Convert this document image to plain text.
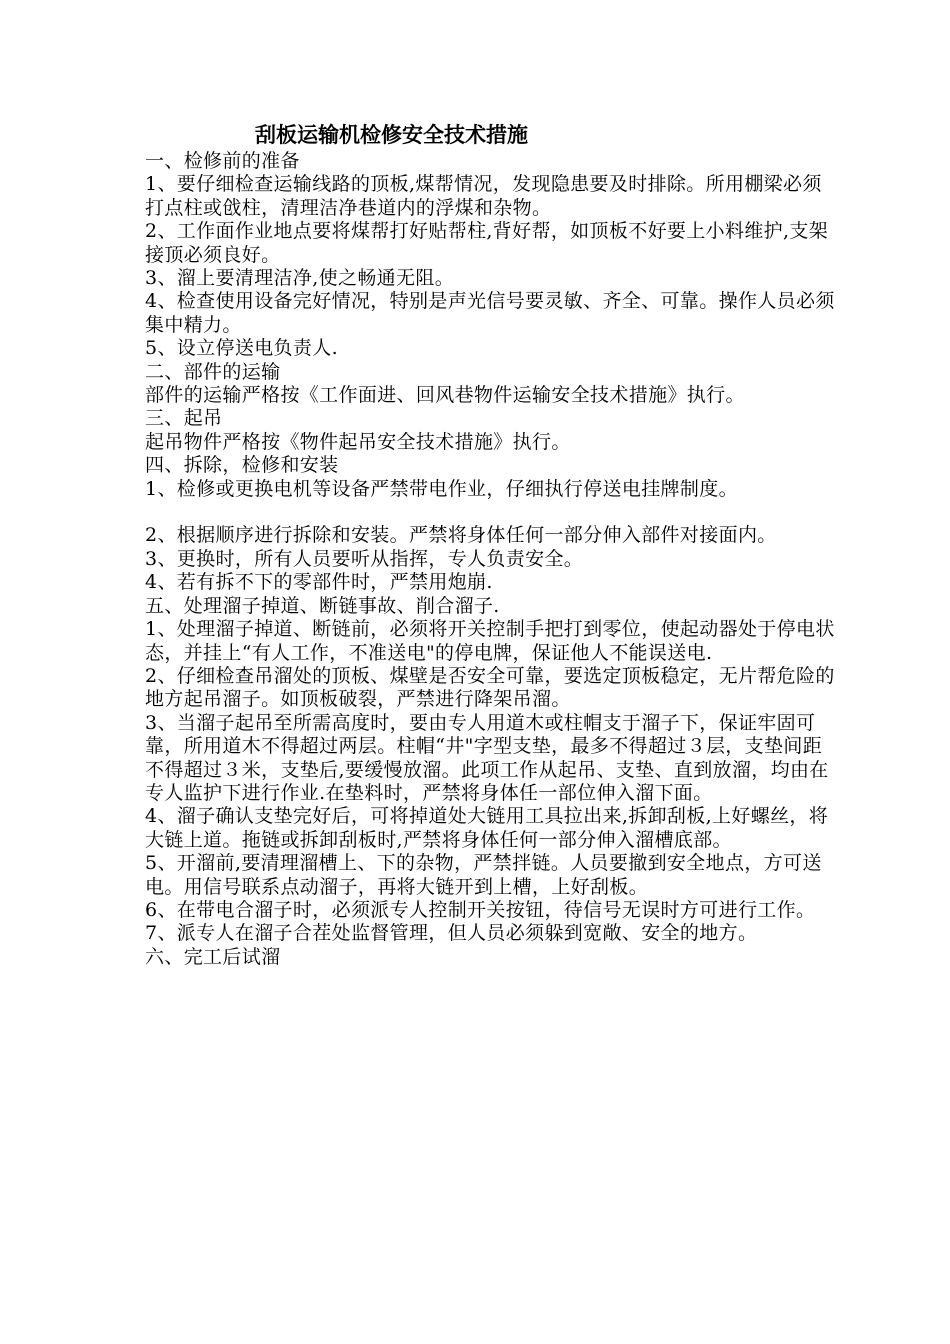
刮板运输机检修安全技术措施

一、检修前的准备

1、要仔细检查运输线路的顶板,煤帮情况，发现隐患要及时排除。所用棚梁必须打点柱或戗柱，清理洁净巷道内的浮煤和杂物。

2、工作面作业地点要将煤帮打好贴帮柱,背好帮，如顶板不好要上小料维护,支架接顶必须良好。

3、溜上要清理洁净,使之畅通无阻。

4、检查使用设备完好情况，特别是声光信号要灵敏、齐全、可靠。操作人员必须集中精力。

5、设立停送电负责人.

二、部件的运输

部件的运输严格按《工作面进、回风巷物件运输安全技术措施》执行。

三、起吊

起吊物件严格按《物件起吊安全技术措施》执行。

四、拆除，检修和安装

1、检修或更换电机等设备严禁带电作业，仔细执行停送电挂牌制度。

2、根据顺序进行拆除和安装。严禁将身体任何一部分伸入部件对接面内。

3、更换时，所有人员要听从指挥，专人负责安全。

4、若有拆不下的零部件时，严禁用炮崩.

五、处理溜子掉道、断链事故、削合溜子.

1、处理溜子掉道、断链前，必须将开关控制手把打到零位，使起动器处于停电状态，并挂上“有人工作，不准送电"的停电牌，保证他人不能误送电.

2、仔细检查吊溜处的顶板、煤壁是否安全可靠，要选定顶板稳定，无片帮危险的地方起吊溜子。如顶板破裂，严禁进行降架吊溜。

3、当溜子起吊至所需高度时，要由专人用道木或柱帽支于溜子下，保证牢固可靠，所用道木不得超过两层。柱帽“井"字型支垫，最多不得超过３层，支垫间距不得超过３米，支垫后,要缓慢放溜。此项工作从起吊、支垫、直到放溜，均由在专人监护下进行作业.在垫料时，严禁将身体任一部位伸入溜下面。

4、溜子确认支垫完好后，可将掉道处大链用工具拉出来,拆卸刮板,上好螺丝，将大链上道。拖链或拆卸刮板时,严禁将身体任何一部分伸入溜槽底部。

5、开溜前,要清理溜槽上、下的杂物，严禁拌链。人员要撤到安全地点，方可送电。用信号联系点动溜子，再将大链开到上槽，上好刮板。

6、在带电合溜子时，必须派专人控制开关按钮，待信号无误时方可进行工作。

7、派专人在溜子合茬处监督管理，但人员必须躲到宽敞、安全的地方。

六、完工后试溜
